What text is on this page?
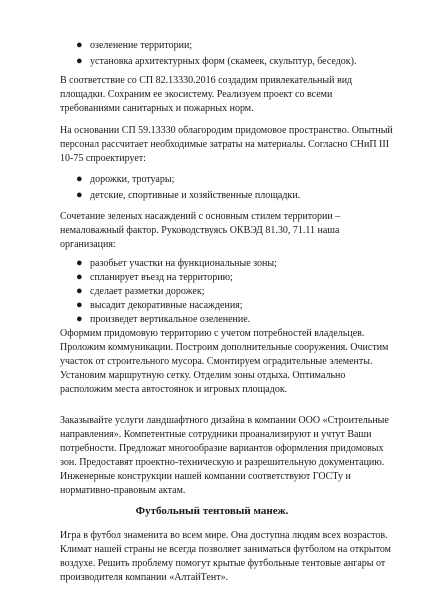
● озеленение территории;
● установка архитектурных форм (скамеек, скульптур, беседок).
В соответствие со СП 82.13330.2016 создадим привлекательный вид
площадки. Сохраним ее экосистему. Реализуем проект со всеми
требованиями санитарных и пожарных норм.
На основании СП 59.13330 облагородим придомовое пространство. Опытный
персонал рассчитает необходимые затраты на материалы. Согласно СНиП III
10-75 спроектирует:
● дорожки, тротуары;
● детские, спортивные и хозяйственные площадки.
Сочетание зеленых насаждений с основным стилем территории –
немаловажный фактор. Руководствуясь ОКВЭД 81.30, 71.11 наша
организация:
● разобьет участки на функциональные зоны;
● спланирует въезд на территорию;
● сделает разметки дорожек;
● высадит декоративные насаждения;
● произведет вертикальное озеленение.
Оформим придомовую территорию с учетом потребностей владельцев.
Проложим коммуникации. Построим дополнительные сооружения. Очистим
участок от строительного мусора. Смонтируем оградительные элементы.
Установим маршрутную сетку. Отделим зоны отдыха. Оптимально
расположим места автостоянок и игровых площадок.
Заказывайте услуги ландшафтного дизайна в компании ООО «Строительные
направления». Компетентные сотрудники проанализируют и учтут Ваши
потребности. Предложат многообразие вариантов оформления придомовых
зон. Предоставят проектно-техническую и разрешительную документацию.
Инженерные конструкции нашей компании соответствуют ГОСТу и
нормативно-правовым актам.
Футбольный тентовый манеж.
Игра в футбол знаменита во всем мире. Она доступна людям всех возрастов.
Климат нашей страны не всегда позволяет заниматься футболом на открытом
воздухе. Решить проблему помогут крытые футбольные тентовые ангары от
производителя компании «АлтайТент».
